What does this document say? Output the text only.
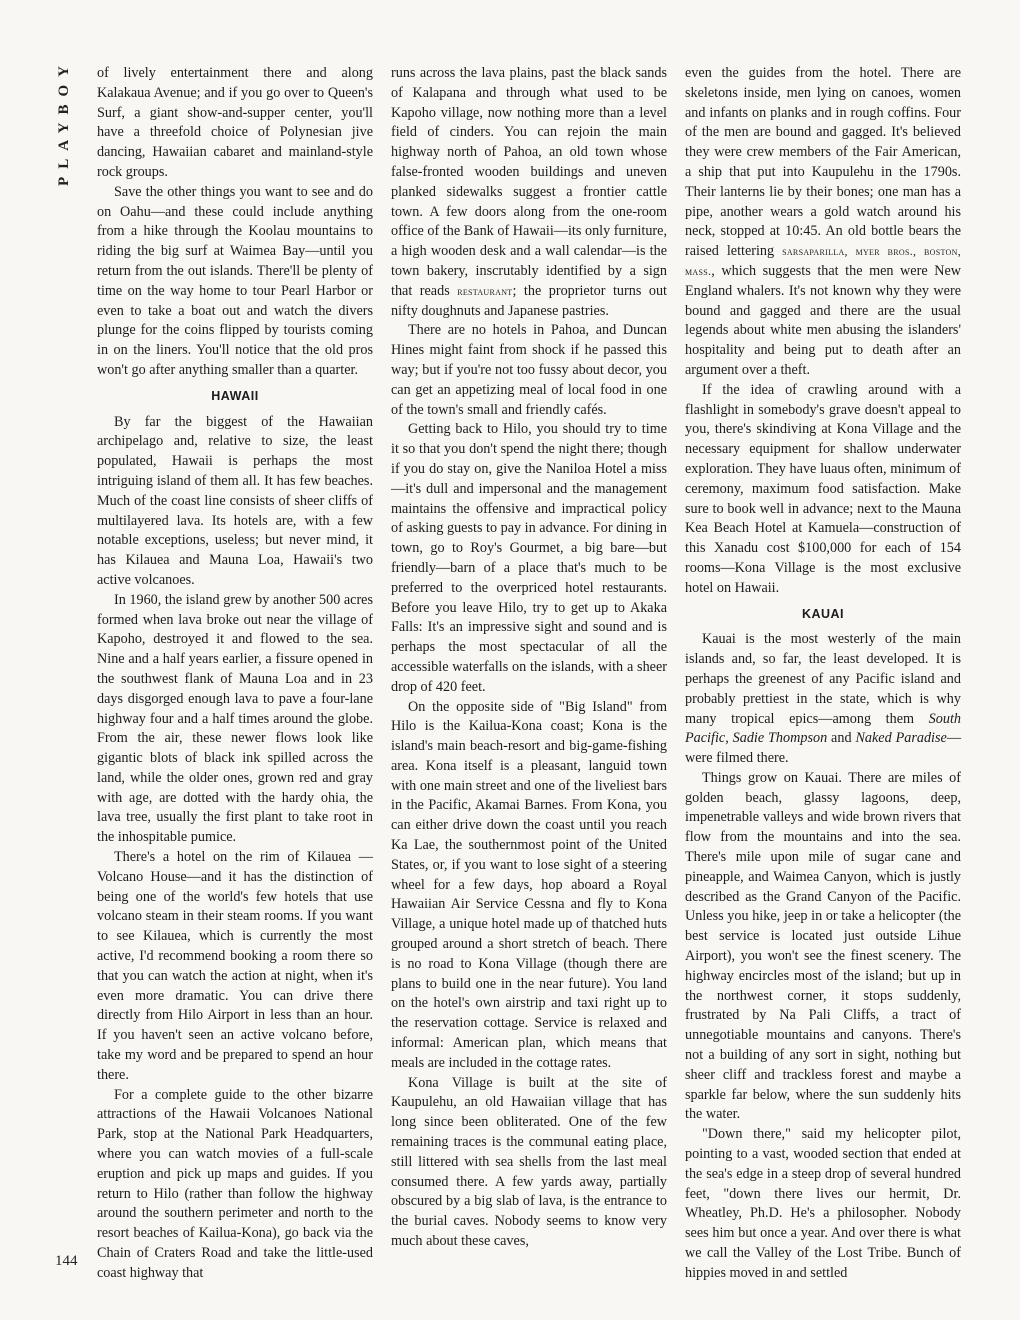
PLAYBOY
144

of lively entertainment there and along Kalakaua Avenue; and if you go over to Queen's Surf, a giant show-and-supper center, you'll have a threefold choice of Polynesian jive dancing, Hawaiian cabaret and mainland-style rock groups.

Save the other things you want to see and do on Oahu—and these could include anything from a hike through the Koolau mountains to riding the big surf at Waimea Bay—until you return from the out islands. There'll be plenty of time on the way home to tour Pearl Harbor or even to take a boat out and watch the divers plunge for the coins flipped by tourists coming in on the liners. You'll notice that the old pros won't go after anything smaller than a quarter.

HAWAII

By far the biggest of the Hawaiian archipelago and, relative to size, the least populated, Hawaii is perhaps the most intriguing island of them all. It has few beaches. Much of the coast line consists of sheer cliffs of multilayered lava. Its hotels are, with a few notable exceptions, useless; but never mind, it has Kilauea and Mauna Loa, Hawaii's two active volcanoes.

In 1960, the island grew by another 500 acres formed when lava broke out near the village of Kapoho, destroyed it and flowed to the sea. Nine and a half years earlier, a fissure opened in the southwest flank of Mauna Loa and in 23 days disgorged enough lava to pave a four-lane highway four and a half times around the globe. From the air, these newer flows look like gigantic blots of black ink spilled across the land, while the older ones, grown red and gray with age, are dotted with the hardy ohia, the lava tree, usually the first plant to take root in the inhospitable pumice.

There's a hotel on the rim of Kilauea —Volcano House—and it has the distinction of being one of the world's few hotels that use volcano steam in their steam rooms. If you want to see Kilauea, which is currently the most active, I'd recommend booking a room there so that you can watch the action at night, when it's even more dramatic. You can drive there directly from Hilo Airport in less than an hour. If you haven't seen an active volcano before, take my word and be prepared to spend an hour there.

For a complete guide to the other bizarre attractions of the Hawaii Volcanoes National Park, stop at the National Park Headquarters, where you can watch movies of a full-scale eruption and pick up maps and guides. If you return to Hilo (rather than follow the highway around the southern perimeter and north to the resort beaches of Kailua-Kona), go back via the Chain of Craters Road and take the little-used coast highway that

runs across the lava plains, past the black sands of Kalapana and through what used to be Kapoho village, now nothing more than a level field of cinders. You can rejoin the main highway north of Pahoa, an old town whose false-fronted wooden buildings and uneven planked sidewalks suggest a frontier cattle town. A few doors along from the one-room office of the Bank of Hawaii—its only furniture, a high wooden desk and a wall calendar—is the town bakery, inscrutably identified by a sign that reads restaurant; the proprietor turns out nifty doughnuts and Japanese pastries.

There are no hotels in Pahoa, and Duncan Hines might faint from shock if he passed this way; but if you're not too fussy about decor, you can get an appetizing meal of local food in one of the town's small and friendly cafés.

Getting back to Hilo, you should try to time it so that you don't spend the night there; though if you do stay on, give the Naniloa Hotel a miss—it's dull and impersonal and the management maintains the offensive and impractical policy of asking guests to pay in advance. For dining in town, go to Roy's Gourmet, a big bare—but friendly—barn of a place that's much to be preferred to the overpriced hotel restaurants. Before you leave Hilo, try to get up to Akaka Falls: It's an impressive sight and sound and is perhaps the most spectacular of all the accessible waterfalls on the islands, with a sheer drop of 420 feet.

On the opposite side of "Big Island" from Hilo is the Kailua-Kona coast; Kona is the island's main beach-resort and big-game-fishing area. Kona itself is a pleasant, languid town with one main street and one of the liveliest bars in the Pacific, Akamai Barnes. From Kona, you can either drive down the coast until you reach Ka Lae, the southernmost point of the United States, or, if you want to lose sight of a steering wheel for a few days, hop aboard a Royal Hawaiian Air Service Cessna and fly to Kona Village, a unique hotel made up of thatched huts grouped around a short stretch of beach. There is no road to Kona Village (though there are plans to build one in the near future). You land on the hotel's own airstrip and taxi right up to the reservation cottage. Service is relaxed and informal: American plan, which means that meals are included in the cottage rates.

Kona Village is built at the site of Kaupulehu, an old Hawaiian village that has long since been obliterated. One of the few remaining traces is the communal eating place, still littered with sea shells from the last meal consumed there. A few yards away, partially obscured by a big slab of lava, is the entrance to the burial caves. Nobody seems to know very much about these caves,

even the guides from the hotel. There are skeletons inside, men lying on canoes, women and infants on planks and in rough coffins. Four of the men are bound and gagged. It's believed they were crew members of the Fair American, a ship that put into Kaupulehu in the 1790s. Their lanterns lie by their bones; one man has a pipe, another wears a gold watch around his neck, stopped at 10:45. An old bottle bears the raised lettering sarsaparilla, myer bros., boston, mass., which suggests that the men were New England whalers. It's not known why they were bound and gagged and there are the usual legends about white men abusing the islanders' hospitality and being put to death after an argument over a theft.

If the idea of crawling around with a flashlight in somebody's grave doesn't appeal to you, there's skindiving at Kona Village and the necessary equipment for shallow underwater exploration. They have luaus often, minimum of ceremony, maximum food satisfaction. Make sure to book well in advance; next to the Mauna Kea Beach Hotel at Kamuela—construction of this Xanadu cost $100,000 for each of 154 rooms—Kona Village is the most exclusive hotel on Hawaii.

KAUAI

Kauai is the most westerly of the main islands and, so far, the least developed. It is perhaps the greenest of any Pacific island and probably prettiest in the state, which is why many tropical epics—among them South Pacific, Sadie Thompson and Naked Paradise—were filmed there.

Things grow on Kauai. There are miles of golden beach, glassy lagoons, deep, impenetrable valleys and wide brown rivers that flow from the mountains and into the sea. There's mile upon mile of sugar cane and pineapple, and Waimea Canyon, which is justly described as the Grand Canyon of the Pacific. Unless you hike, jeep in or take a helicopter (the best service is located just outside Lihue Airport), you won't see the finest scenery. The highway encircles most of the island; but up in the northwest corner, it stops suddenly, frustrated by Na Pali Cliffs, a tract of unnegotiable mountains and canyons. There's not a building of any sort in sight, nothing but sheer cliff and trackless forest and maybe a sparkle far below, where the sun suddenly hits the water.

"Down there," said my helicopter pilot, pointing to a vast, wooded section that ended at the sea's edge in a steep drop of several hundred feet, "down there lives our hermit, Dr. Wheatley, Ph.D. He's a philosopher. Nobody sees him but once a year. And over there is what we call the Valley of the Lost Tribe. Bunch of hippies moved in and settled
